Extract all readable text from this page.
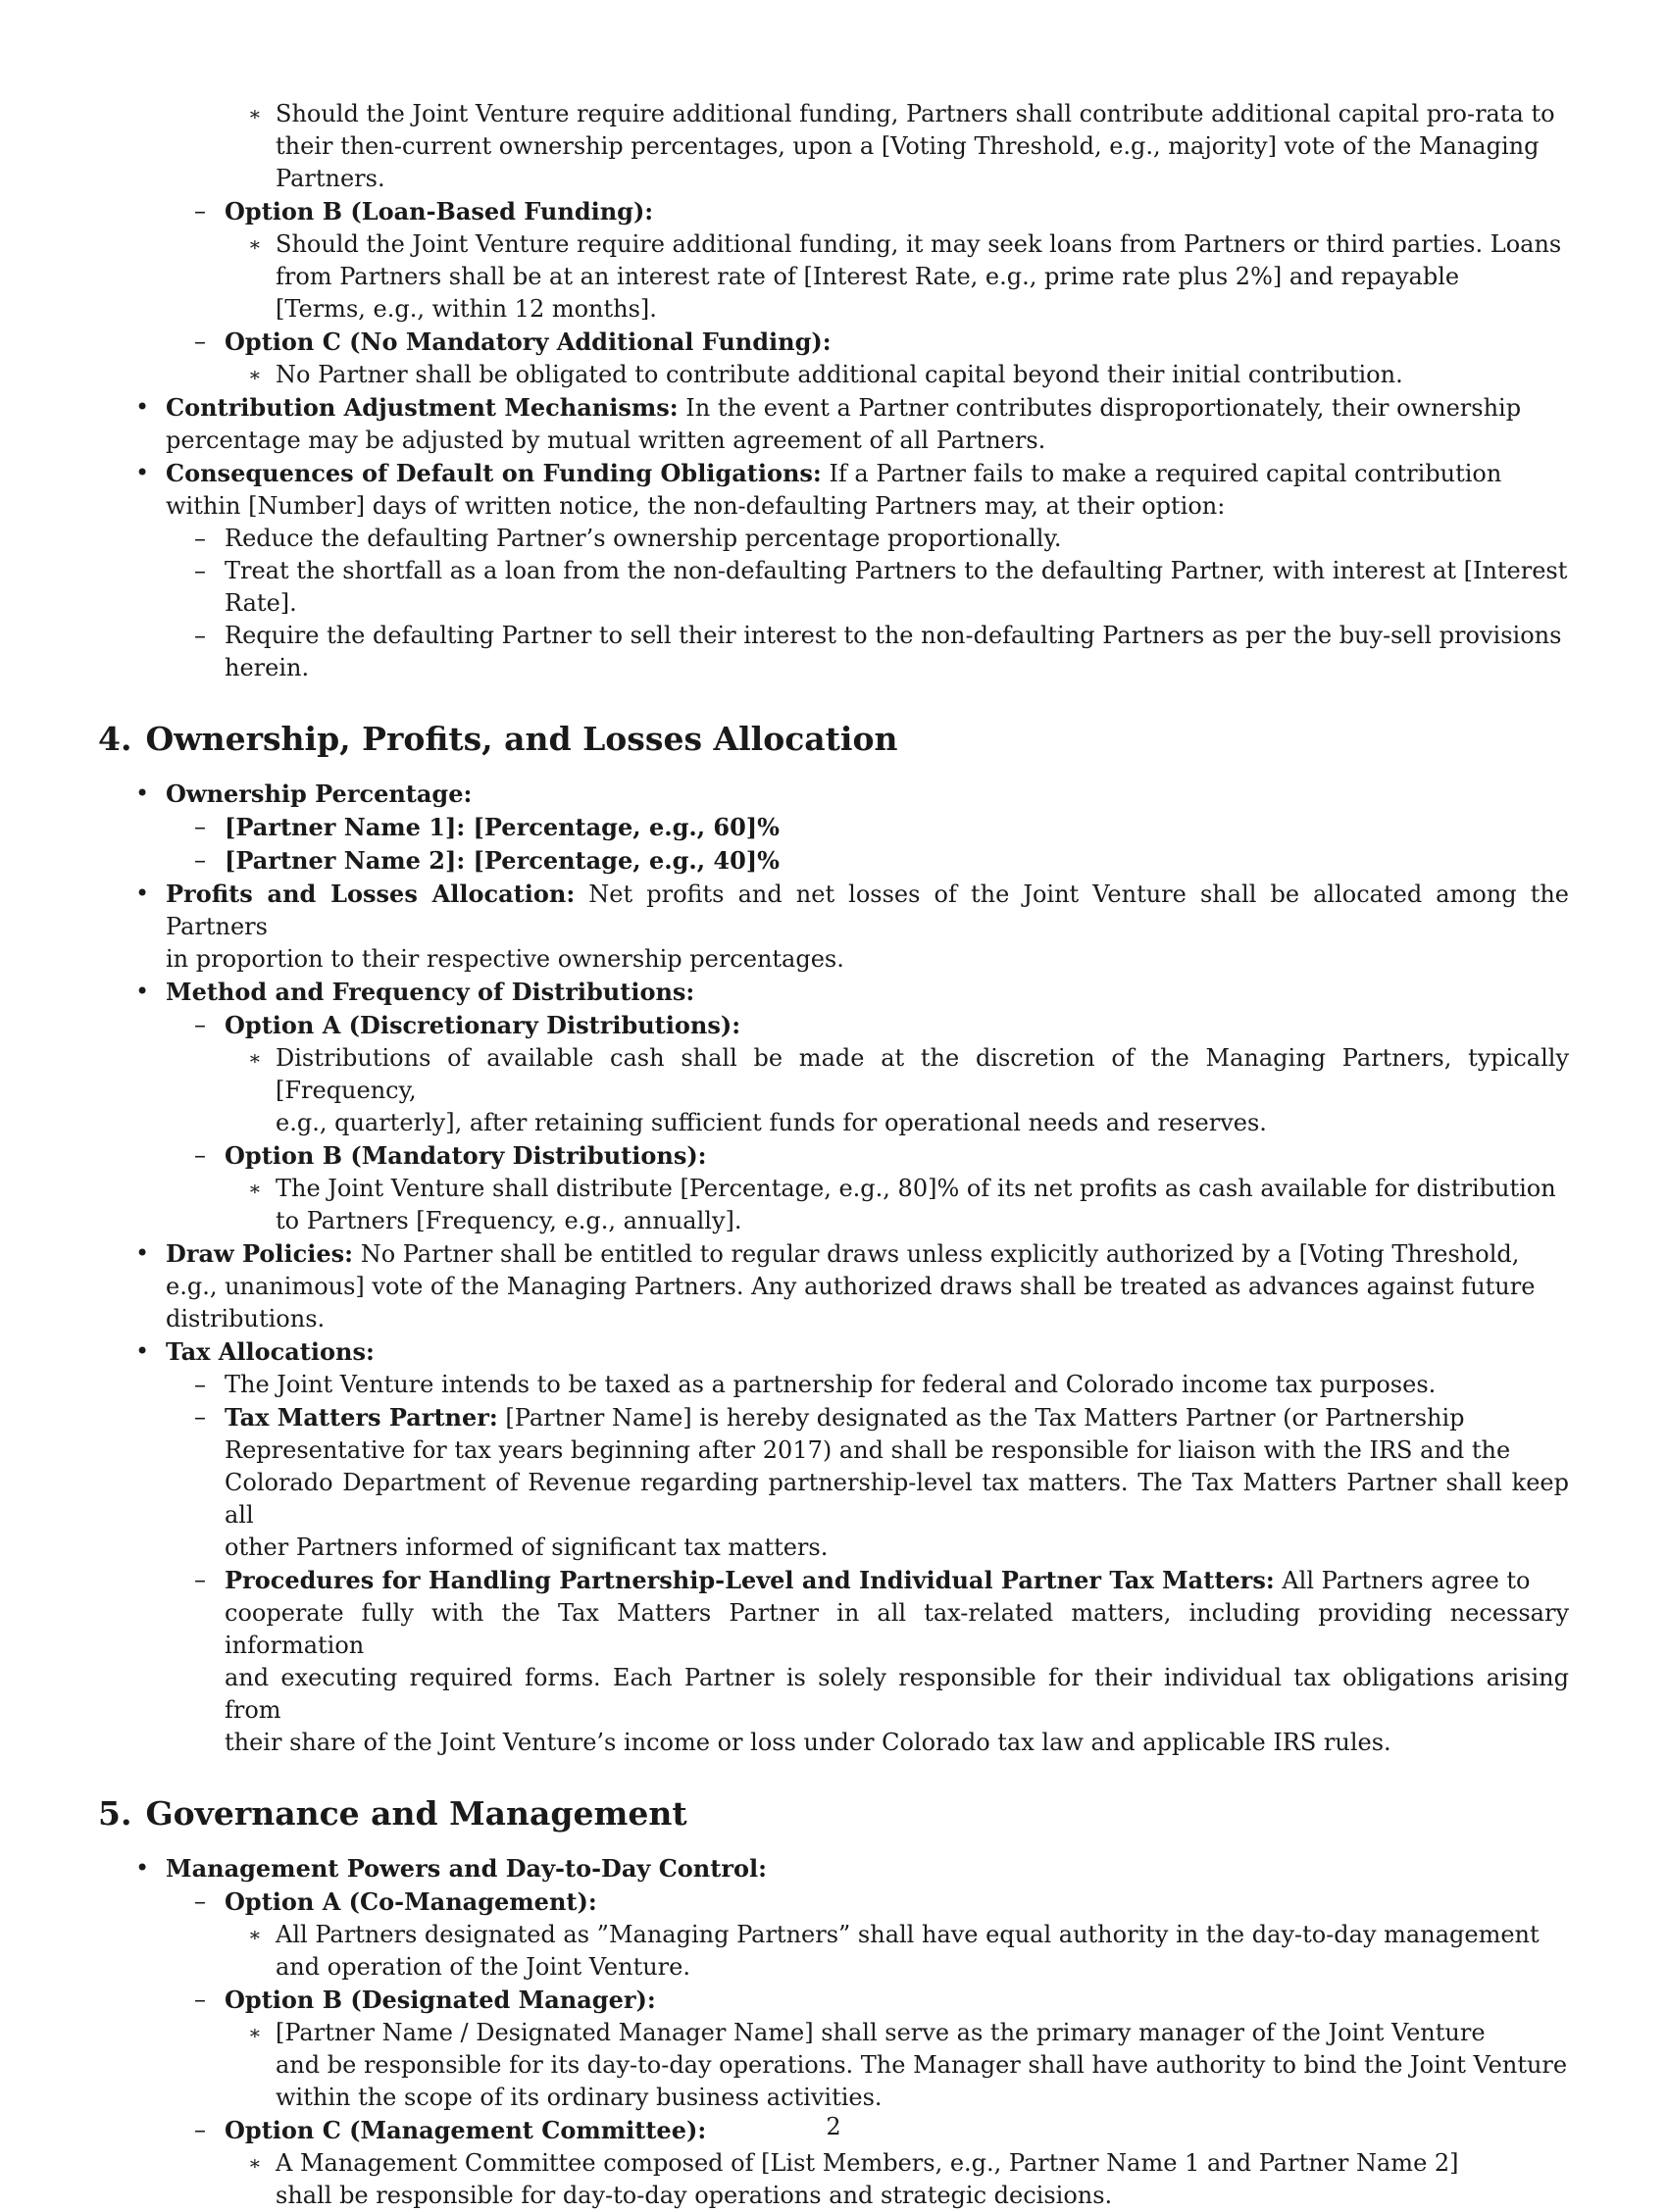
∗ Should the Joint Venture require additional funding, Partners shall contribute additional capital pro-rata to
their then-current ownership percentages, upon a [Voting Threshold, e.g., majority] vote of the Managing
Partners.
– Option B (Loan-Based Funding):
∗ Should the Joint Venture require additional funding, it may seek loans from Partners or third parties. Loans
from Partners shall be at an interest rate of [Interest Rate, e.g., prime rate plus 2%] and repayable
[Terms, e.g., within 12 months].
– Option C (No Mandatory Additional Funding):
∗ No Partner shall be obligated to contribute additional capital beyond their initial contribution.
• Contribution Adjustment Mechanisms: In the event a Partner contributes disproportionately, their ownership
percentage may be adjusted by mutual written agreement of all Partners.
• Consequences of Default on Funding Obligations: If a Partner fails to make a required capital contribution
within [Number] days of written notice, the non-defaulting Partners may, at their option:
– Reduce the defaulting Partner’s ownership percentage proportionally.
– Treat the shortfall as a loan from the non-defaulting Partners to the defaulting Partner, with interest at [Interest
Rate].
– Require the defaulting Partner to sell their interest to the non-defaulting Partners as per the buy-sell provisions
herein.
4. Ownership, Profits, and Losses Allocation
• Ownership Percentage:
– [Partner Name 1]: [Percentage, e.g., 60]%
– [Partner Name 2]: [Percentage, e.g., 40]%
• Profits and Losses Allocation: Net profits and net losses of the Joint Venture shall be allocated among the Partners
in proportion to their respective ownership percentages.
• Method and Frequency of Distributions:
– Option A (Discretionary Distributions):
∗ Distributions of available cash shall be made at the discretion of the Managing Partners, typically [Frequency,
e.g., quarterly], after retaining sufficient funds for operational needs and reserves.
– Option B (Mandatory Distributions):
∗ The Joint Venture shall distribute [Percentage, e.g., 80]% of its net profits as cash available for distribution
to Partners [Frequency, e.g., annually].
• Draw Policies: No Partner shall be entitled to regular draws unless explicitly authorized by a [Voting Threshold,
e.g., unanimous] vote of the Managing Partners. Any authorized draws shall be treated as advances against future
distributions.
• Tax Allocations:
– The Joint Venture intends to be taxed as a partnership for federal and Colorado income tax purposes.
– Tax Matters Partner: [Partner Name] is hereby designated as the Tax Matters Partner (or Partnership
Representative for tax years beginning after 2017) and shall be responsible for liaison with the IRS and the
Colorado Department of Revenue regarding partnership-level tax matters. The Tax Matters Partner shall keep all
other Partners informed of significant tax matters.
– Procedures for Handling Partnership-Level and Individual Partner Tax Matters: All Partners agree to
cooperate fully with the Tax Matters Partner in all tax-related matters, including providing necessary information
and executing required forms. Each Partner is solely responsible for their individual tax obligations arising from
their share of the Joint Venture’s income or loss under Colorado tax law and applicable IRS rules.
5. Governance and Management
• Management Powers and Day-to-Day Control:
– Option A (Co-Management):
∗ All Partners designated as ”Managing Partners” shall have equal authority in the day-to-day management
and operation of the Joint Venture.
– Option B (Designated Manager):
∗ [Partner Name / Designated Manager Name] shall serve as the primary manager of the Joint Venture
and be responsible for its day-to-day operations. The Manager shall have authority to bind the Joint Venture
within the scope of its ordinary business activities.
– Option C (Management Committee):
∗ A Management Committee composed of [List Members, e.g., Partner Name 1 and Partner Name 2]
shall be responsible for day-to-day operations and strategic decisions.
2
